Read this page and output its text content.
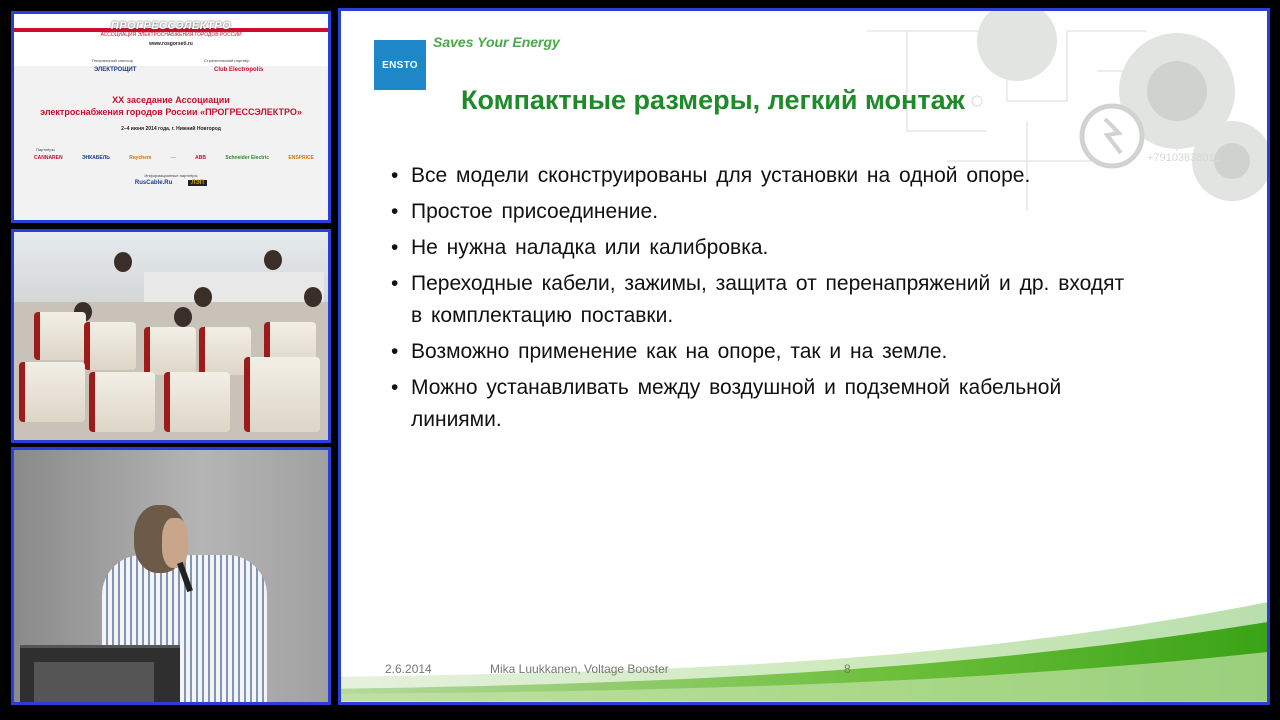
ПРОГРЕССЭЛЕКТРО
АССОЦИАЦИЯ ЭЛЕКТРОСНАБЖЕНИЯ ГОРОДОВ РОССИИ
www.rosgorseti.ru
Генеральный спонсор
ЭЛЕКТРОЩИТ
Стратегический партнёр
Club Electropolis
XX заседание Ассоциации
электроснабжения городов России «ПРОГРЕССЭЛЕКТРО»
2–4 июня 2014 года, г. Нижний Новгород
Партнёры
CANNAREN	ЭНКАБЕЛЬ	Raychem	—	ABB	Schneider Electric	ENSPRICE
Информационные партнёры
RusCable.Ru	ЛЭП
+79103838011
ENSTO
Saves Your Energy
Компактные размеры, легкий монтаж
• Все модели сконструированы для установки на одной опоре.
• Простое присоединение.
• Не нужна наладка или калибровка.
• Переходные кабели, зажимы, защита от перенапряжений и др. входят в комплектацию поставки.
• Возможно применение как на опоре, так и на земле.
• Можно устанавливать между воздушной и подземной кабельной линиями.
2.6.2014	Mika Luukkanen, Voltage Booster	8
